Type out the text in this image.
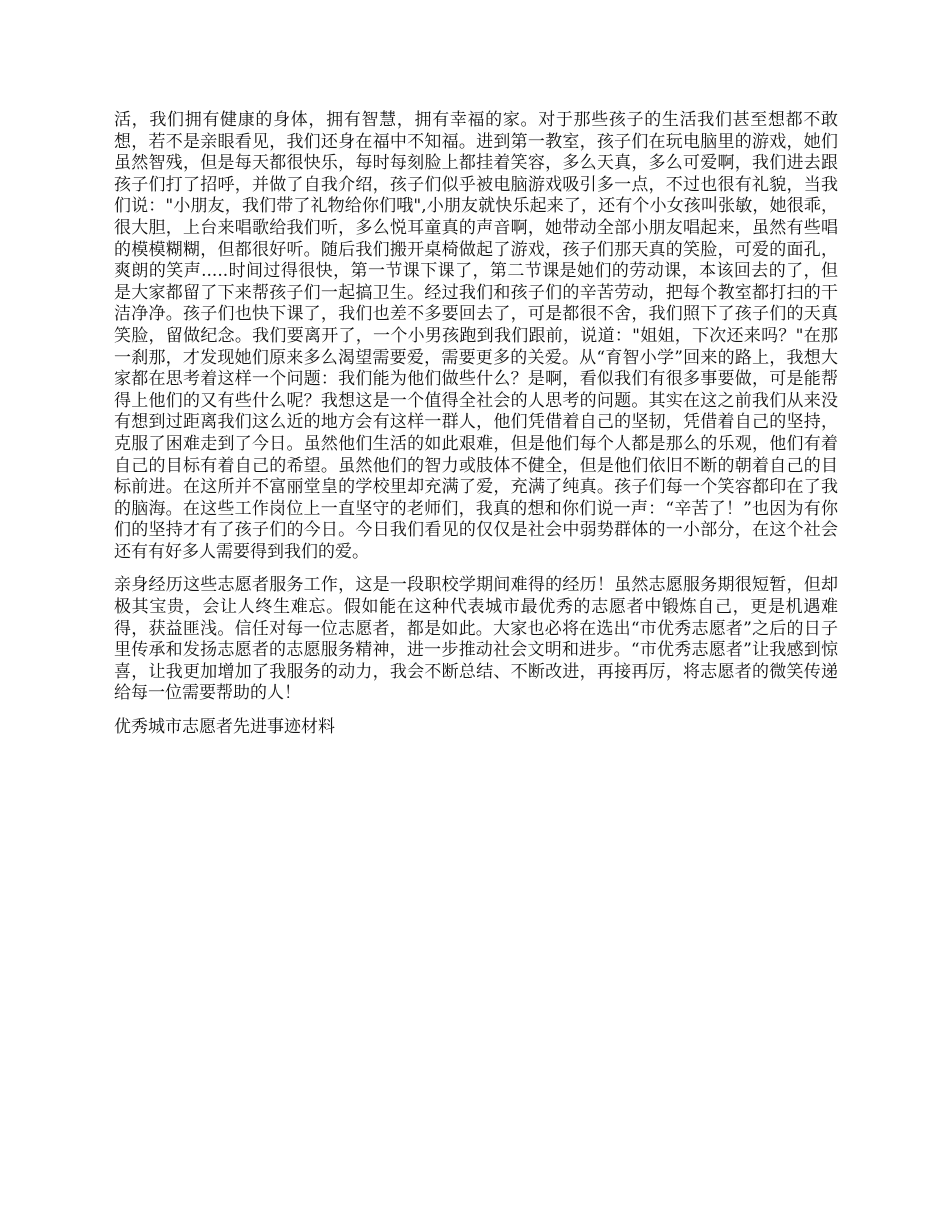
活，我们拥有健康的身体，拥有智慧，拥有幸福的家。对于那些孩子的生活我们甚至想都不敢想，若不是亲眼看见，我们还身在福中不知福。进到第一教室，孩子们在玩电脑里的游戏，她们虽然智残，但是每天都很快乐，每时每刻脸上都挂着笑容，多么天真，多么可爱啊，我们进去跟孩子们打了招呼，并做了自我介绍，孩子们似乎被电脑游戏吸引多一点，不过也很有礼貌，当我们说："小朋友，我们带了礼物给你们哦",小朋友就快乐起来了，还有个小女孩叫张敏，她很乖，很大胆，上台来唱歌给我们听，多么悦耳童真的声音啊，她带动全部小朋友唱起来，虽然有些唱的模模糊糊，但都很好听。随后我们搬开桌椅做起了游戏，孩子们那天真的笑脸，可爱的面孔，爽朗的笑声.....时间过得很快，第一节课下课了，第二节课是她们的劳动课，本该回去的了，但是大家都留了下来帮孩子们一起搞卫生。经过我们和孩子们的辛苦劳动，把每个教室都打扫的干洁净净。孩子们也快下课了，我们也差不多要回去了，可是都很不舍，我们照下了孩子们的天真笑脸，留做纪念。我们要离开了，一个小男孩跑到我们跟前，说道："姐姐，下次还来吗？"在那一刹那，才发现她们原来多么渴望需要爱，需要更多的关爱。从“育智小学”回来的路上，我想大家都在思考着这样一个问题：我们能为他们做些什么？是啊，看似我们有很多事要做，可是能帮得上他们的又有些什么呢？我想这是一个值得全社会的人思考的问题。其实在这之前我们从来没有想到过距离我们这么近的地方会有这样一群人，他们凭借着自己的坚韧，凭借着自己的坚持，克服了困难走到了今日。虽然他们生活的如此艰难，但是他们每个人都是那么的乐观，他们有着自己的目标有着自己的希望。虽然他们的智力或肢体不健全，但是他们依旧不断的朝着自己的目标前进。在这所并不富丽堂皇的学校里却充满了爱，充满了纯真。孩子们每一个笑容都印在了我的脑海。在这些工作岗位上一直坚守的老师们，我真的想和你们说一声：“辛苦了！”也因为有你们的坚持才有了孩子们的今日。今日我们看见的仅仅是社会中弱势群体的一小部分，在这个社会还有有好多人需要得到我们的爱。

亲身经历这些志愿者服务工作，这是一段职校学期间难得的经历！虽然志愿服务期很短暂，但却极其宝贵，会让人终生难忘。假如能在这种代表城市最优秀的志愿者中锻炼自己，更是机遇难得，获益匪浅。信任对每一位志愿者，都是如此。大家也必将在选出“市优秀志愿者”之后的日子里传承和发扬志愿者的志愿服务精神，进一步推动社会文明和进步。“市优秀志愿者”让我感到惊喜，让我更加增加了我服务的动力，我会不断总结、不断改进，再接再厉，将志愿者的微笑传递给每一位需要帮助的人！

优秀城市志愿者先进事迹材料
